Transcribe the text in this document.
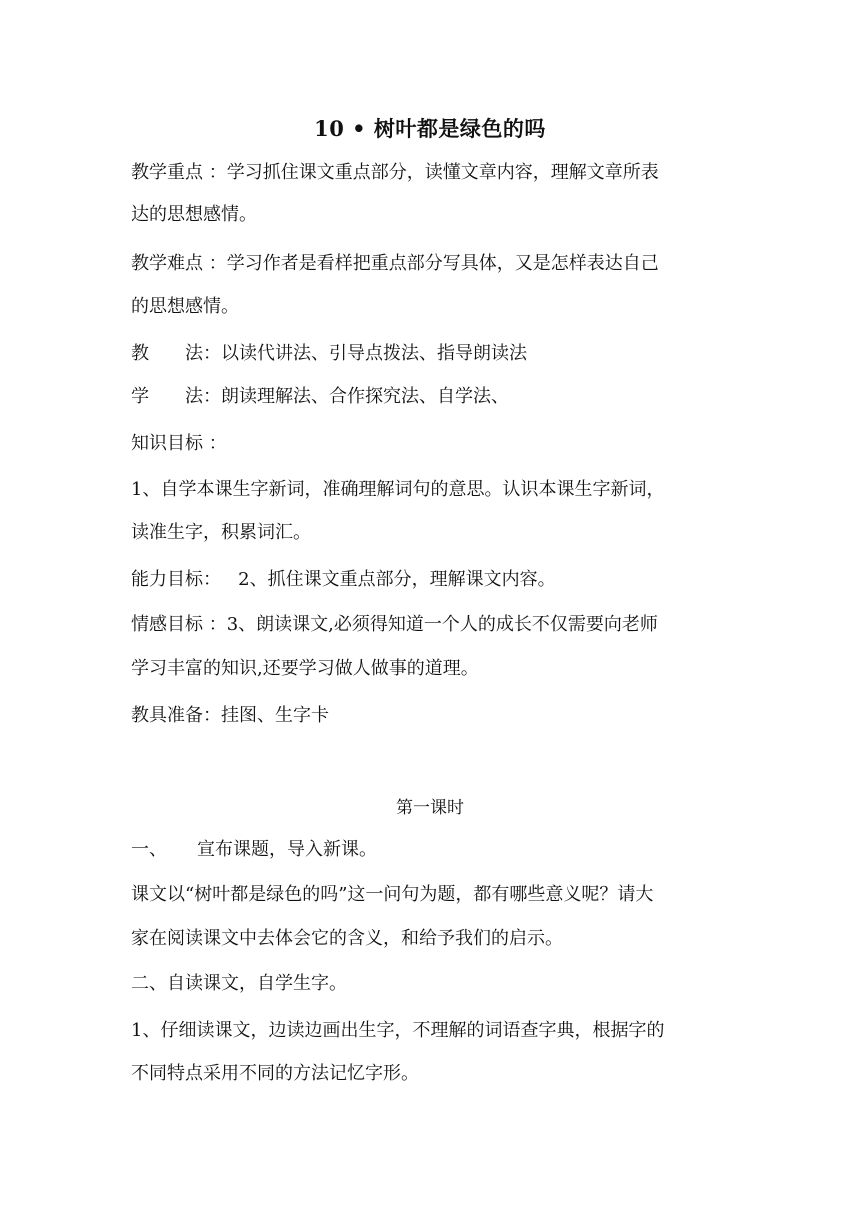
10 • 树叶都是绿色的吗
教学重点 ：学习抓住课文重点部分，读懂文章内容，理解文章所表
达的思想感情。
教学难点 ：学习作者是看样把重点部分写具体，又是怎样表达自己
的思想感情。
教 法：以读代讲法、引导点拨法、指导朗读法
学 法：朗读理解法、合作探究法、自学法、
知识目标 ：
1、自学本课生字新词，准确理解词句的意思。认识本课生字新词，
读准生字，积累词汇。
能力目标：   2、抓住课文重点部分，理解课文内容。
情感目标 ：3、朗读课文,必须得知道一个人的成长不仅需要向老师
学习丰富的知识,还要学习做人做事的道理。
教具准备：挂图、生字卡
第一课时
一、 宣布课题，导入新课。
课文以“树叶都是绿色的吗”这一问句为题，都有哪些意义呢？请大
家在阅读课文中去体会它的含义，和给予我们的启示。
二、自读课文，自学生字。
1、仔细读课文，边读边画出生字，不理解的词语查字典，根据字的
不同特点采用不同的方法记忆字形。
